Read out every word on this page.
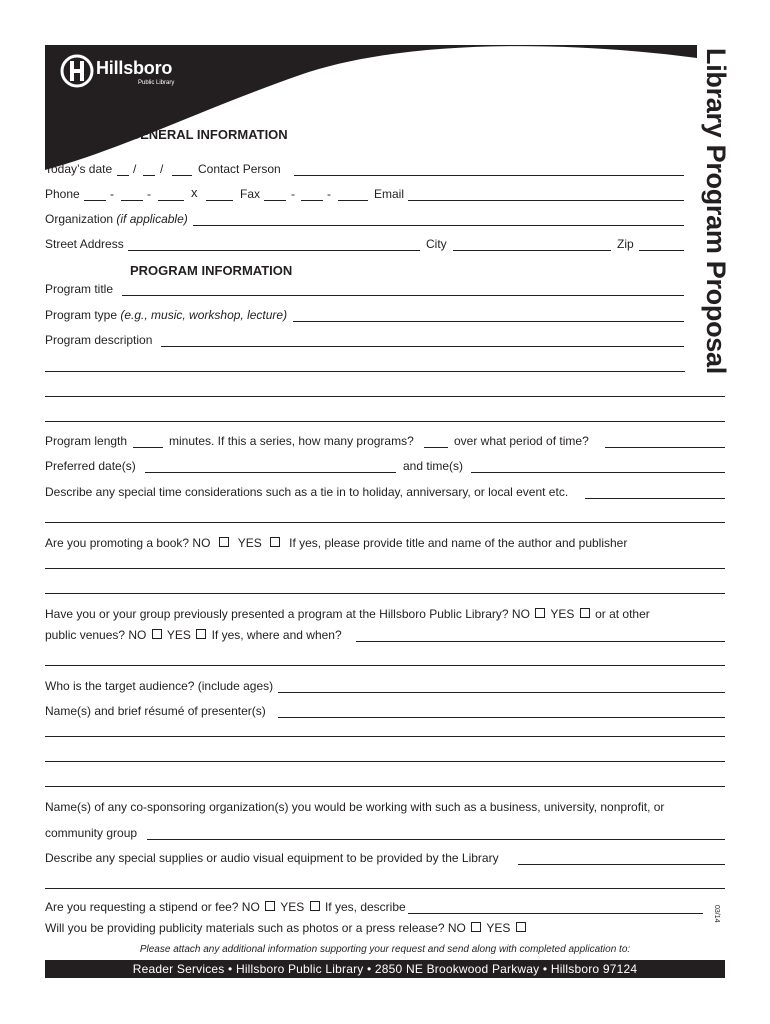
Hillsboro
Public Library	Library Program Proposal
GENERAL INFORMATION
Today’s date / /	Contact Person
Phone	-	-	x	Fax	-	-	Email
Organization (if applicable)
Street Address	City	Zip
PROGRAM INFORMATION
Program title
Program type (e.g., music, workshop, lecture)
Program description
Program length	minutes. If this a series, how many programs?	over what period of time?
Preferred date(s)	and time(s)
Describe any special time considerations such as a tie in to holiday, anniversary, or local event etc.
Are you promoting a book? NO YES If yes, please provide title and name of the author and publisher
Have you or your group previously presented a program at the Hillsboro Public Library? NO YES or at other
public venues? NO YES If yes, where and when?
Who is the target audience? (include ages)
Name(s) and brief résumé of presenter(s)
Name(s) of any co-sponsoring organization(s) you would be working with such as a business, university, nonprofit, or
community group
Describe any special supplies or audio visual equipment to be provided by the Library
Are you requesting a stipend or fee? NO YES If yes, describe
Will you be providing publicity materials such as photos or a press release? NO YES
03/14
Please attach any additional information supporting your request and send along with completed application to:
Reader Services • Hillsboro Public Library • 2850 NE Brookwood Parkway • Hillsboro 97124
